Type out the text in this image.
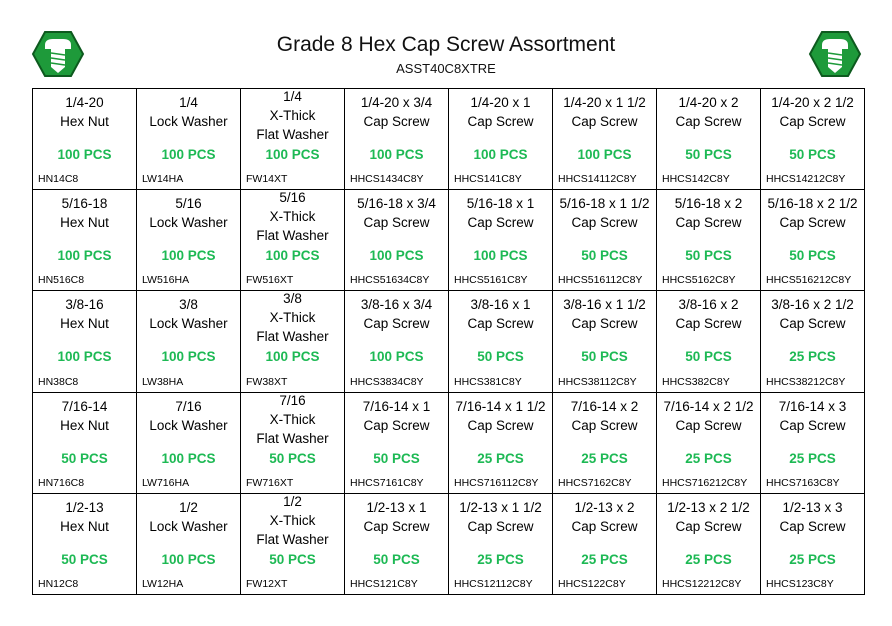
Grade 8 Hex Cap Screw Assortment
ASST40C8XTRE
1/4-20
Hex Nut
100 PCS
HN14C8
1/4
Lock Washer
100 PCS
LW14HA
1/4
X-Thick
Flat Washer
100 PCS
FW14XT
1/4-20 x 3/4
Cap Screw
100 PCS
HHCS1434C8Y
1/4-20 x 1
Cap Screw
100 PCS
HHCS141C8Y
1/4-20 x 1 1/2
Cap Screw
100 PCS
HHCS14112C8Y
1/4-20 x 2
Cap Screw
50 PCS
HHCS142C8Y
1/4-20 x 2 1/2
Cap Screw
50 PCS
HHCS14212C8Y
5/16-18
Hex Nut
100 PCS
HN516C8
5/16
Lock Washer
100 PCS
LW516HA
5/16
X-Thick
Flat Washer
100 PCS
FW516XT
5/16-18 x 3/4
Cap Screw
100 PCS
HHCS51634C8Y
5/16-18 x 1
Cap Screw
100 PCS
HHCS5161C8Y
5/16-18 x 1 1/2
Cap Screw
50 PCS
HHCS516112C8Y
5/16-18 x 2
Cap Screw
50 PCS
HHCS5162C8Y
5/16-18 x 2 1/2
Cap Screw
50 PCS
HHCS516212C8Y
3/8-16
Hex Nut
100 PCS
HN38C8
3/8
Lock Washer
100 PCS
LW38HA
3/8
X-Thick
Flat Washer
100 PCS
FW38XT
3/8-16 x 3/4
Cap Screw
100 PCS
HHCS3834C8Y
3/8-16 x 1
Cap Screw
50 PCS
HHCS381C8Y
3/8-16 x 1 1/2
Cap Screw
50 PCS
HHCS38112C8Y
3/8-16 x 2
Cap Screw
50 PCS
HHCS382C8Y
3/8-16 x 2 1/2
Cap Screw
25 PCS
HHCS38212C8Y
7/16-14
Hex Nut
50 PCS
HN716C8
7/16
Lock Washer
100 PCS
LW716HA
7/16
X-Thick
Flat Washer
50 PCS
FW716XT
7/16-14 x 1
Cap Screw
50 PCS
HHCS7161C8Y
7/16-14 x 1 1/2
Cap Screw
25 PCS
HHCS716112C8Y
7/16-14 x 2
Cap Screw
25 PCS
HHCS7162C8Y
7/16-14 x 2 1/2
Cap Screw
25 PCS
HHCS716212C8Y
7/16-14 x 3
Cap Screw
25 PCS
HHCS7163C8Y
1/2-13
Hex Nut
50 PCS
HN12C8
1/2
Lock Washer
100 PCS
LW12HA
1/2
X-Thick
Flat Washer
50 PCS
FW12XT
1/2-13 x 1
Cap Screw
50 PCS
HHCS121C8Y
1/2-13 x 1 1/2
Cap Screw
25 PCS
HHCS12112C8Y
1/2-13 x 2
Cap Screw
25 PCS
HHCS122C8Y
1/2-13 x 2 1/2
Cap Screw
25 PCS
HHCS12212C8Y
1/2-13 x 3
Cap Screw
25 PCS
HHCS123C8Y
